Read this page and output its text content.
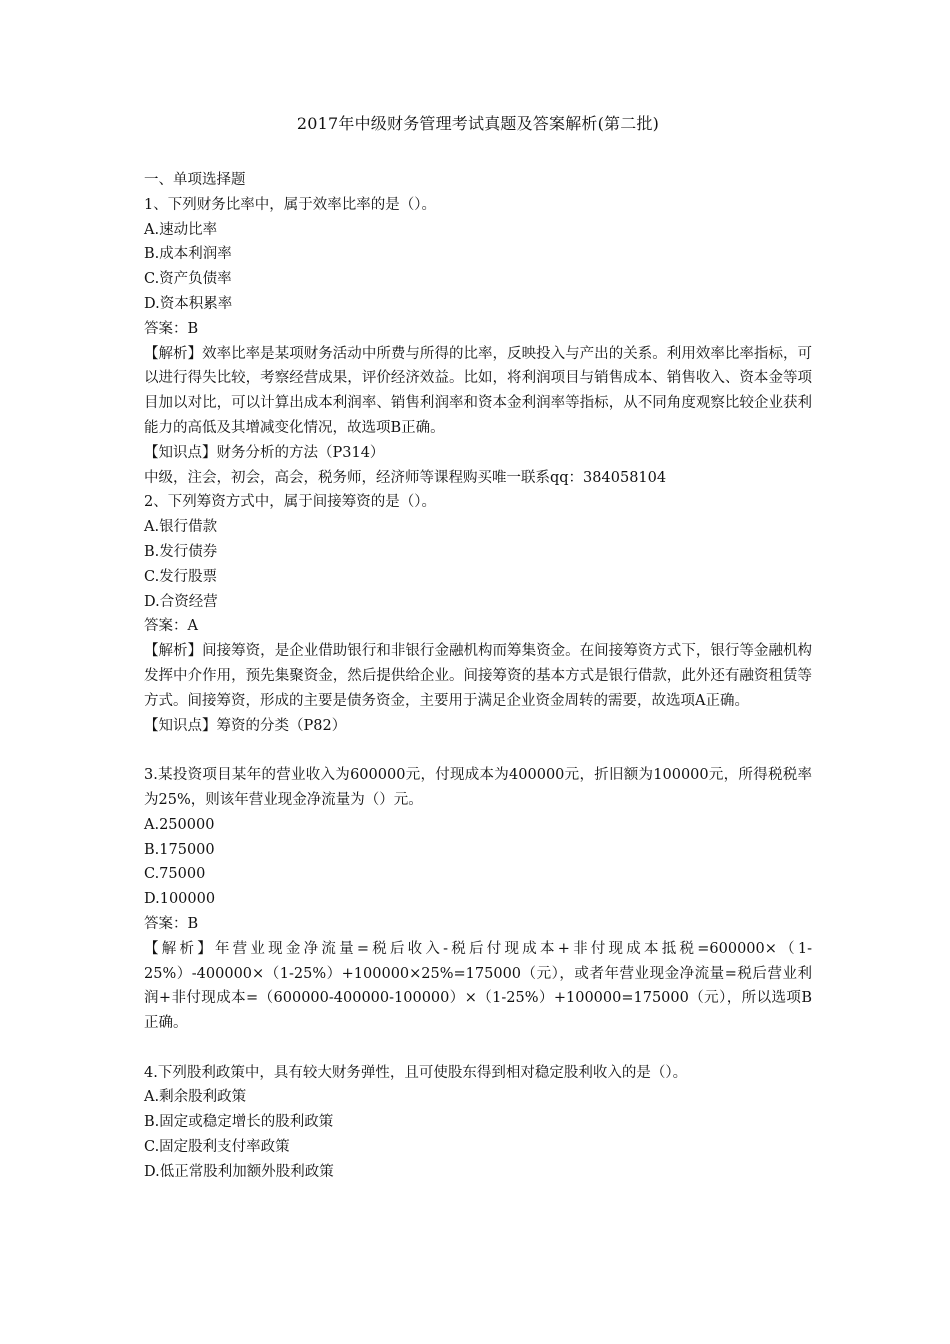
2017年中级财务管理考试真题及答案解析(第二批)

一、单项选择题

1、下列财务比率中，属于效率比率的是（）。

A.速动比率

B.成本利润率

C.资产负债率

D.资本积累率

答案：B

【解析】效率比率是某项财务活动中所费与所得的比率，反映投入与产出的关系。利用效率比率指标，可以进行得失比较，考察经营成果，评价经济效益。比如，将利润项目与销售成本、销售收入、资本金等项目加以对比，可以计算出成本利润率、销售利润率和资本金利润率等指标，从不同角度观察比较企业获利能力的高低及其增减变化情况，故选项B正确。

【知识点】财务分析的方法（P314）

中级，注会，初会，高会，税务师，经济师等课程购买唯一联系qq：384058104

2、下列筹资方式中，属于间接筹资的是（）。

A.银行借款

B.发行债券

C.发行股票

D.合资经营

答案：A

【解析】间接筹资，是企业借助银行和非银行金融机构而筹集资金。在间接筹资方式下，银行等金融机构发挥中介作用，预先集聚资金，然后提供给企业。间接筹资的基本方式是银行借款，此外还有融资租赁等方式。间接筹资，形成的主要是债务资金，主要用于满足企业资金周转的需要，故选项A正确。

【知识点】筹资的分类（P82）

3.某投资项目某年的营业收入为600000元，付现成本为400000元，折旧额为100000元，所得税税率为25%，则该年营业现金净流量为（）元。

A.250000

B.175000

C.75000

D.100000

答案：B

【解析】年营业现金净流量=税后收入-税后付现成本+非付现成本抵税=600000×（1-25%）-400000×（1-25%）+100000×25%=175000（元），或者年营业现金净流量=税后营业利润+非付现成本=（600000-400000-100000）×（1-25%）+100000=175000（元），所以选项B正确。

4.下列股利政策中，具有较大财务弹性，且可使股东得到相对稳定股利收入的是（）。

A.剩余股利政策

B.固定或稳定增长的股利政策

C.固定股利支付率政策

D.低正常股利加额外股利政策
